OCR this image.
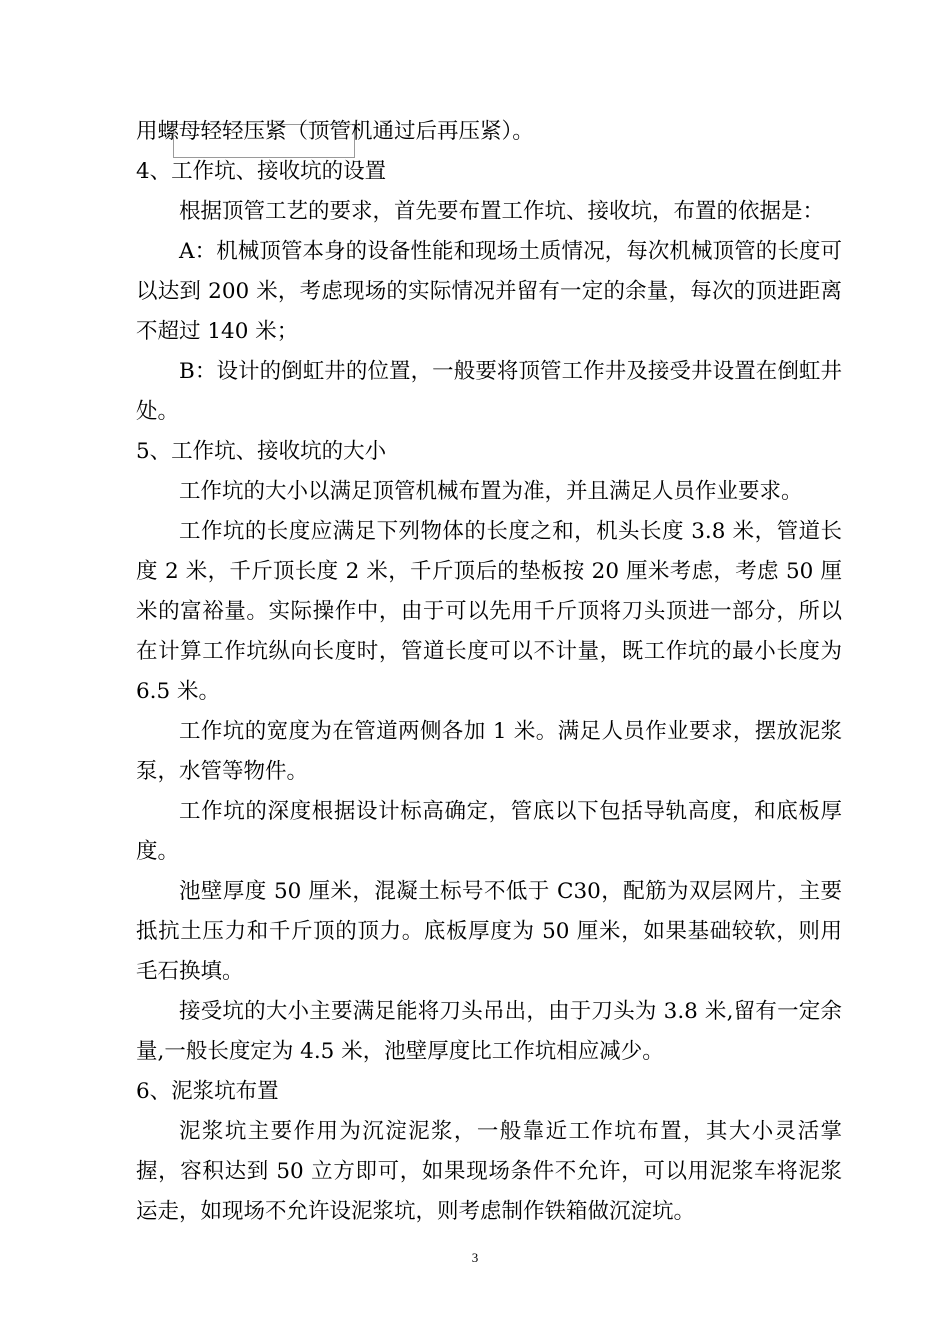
用螺母轻轻压紧（顶管机通过后再压紧）。

4、工作坑、接收坑的设置

根据顶管工艺的要求，首先要布置工作坑、接收坑，布置的依据是：

A：机械顶管本身的设备性能和现场土质情况，每次机械顶管的长度可以达到 200 米，考虑现场的实际情况并留有一定的余量，每次的顶进距离不超过 140 米；

B：设计的倒虹井的位置，一般要将顶管工作井及接受井设置在倒虹井处。

5、工作坑、接收坑的大小

工作坑的大小以满足顶管机械布置为准，并且满足人员作业要求。

工作坑的长度应满足下列物体的长度之和，机头长度 3.8 米，管道长度 2 米，千斤顶长度 2 米，千斤顶后的垫板按 20 厘米考虑，考虑 50 厘米的富裕量。实际操作中，由于可以先用千斤顶将刀头顶进一部分，所以在计算工作坑纵向长度时，管道长度可以不计量，既工作坑的最小长度为 6.5 米。

工作坑的宽度为在管道两侧各加 1 米。满足人员作业要求，摆放泥浆泵，水管等物件。

工作坑的深度根据设计标高确定，管底以下包括导轨高度，和底板厚度。

池壁厚度 50 厘米，混凝土标号不低于 C30，配筋为双层网片，主要抵抗土压力和千斤顶的顶力。底板厚度为 50 厘米，如果基础较软，则用毛石换填。

接受坑的大小主要满足能将刀头吊出，由于刀头为 3.8 米,留有一定余量,一般长度定为 4.5 米，池壁厚度比工作坑相应减少。

6、泥浆坑布置

泥浆坑主要作用为沉淀泥浆，一般靠近工作坑布置，其大小灵活掌握，容积达到 50 立方即可，如果现场条件不允许，可以用泥浆车将泥浆运走，如现场不允许设泥浆坑，则考虑制作铁箱做沉淀坑。

3
